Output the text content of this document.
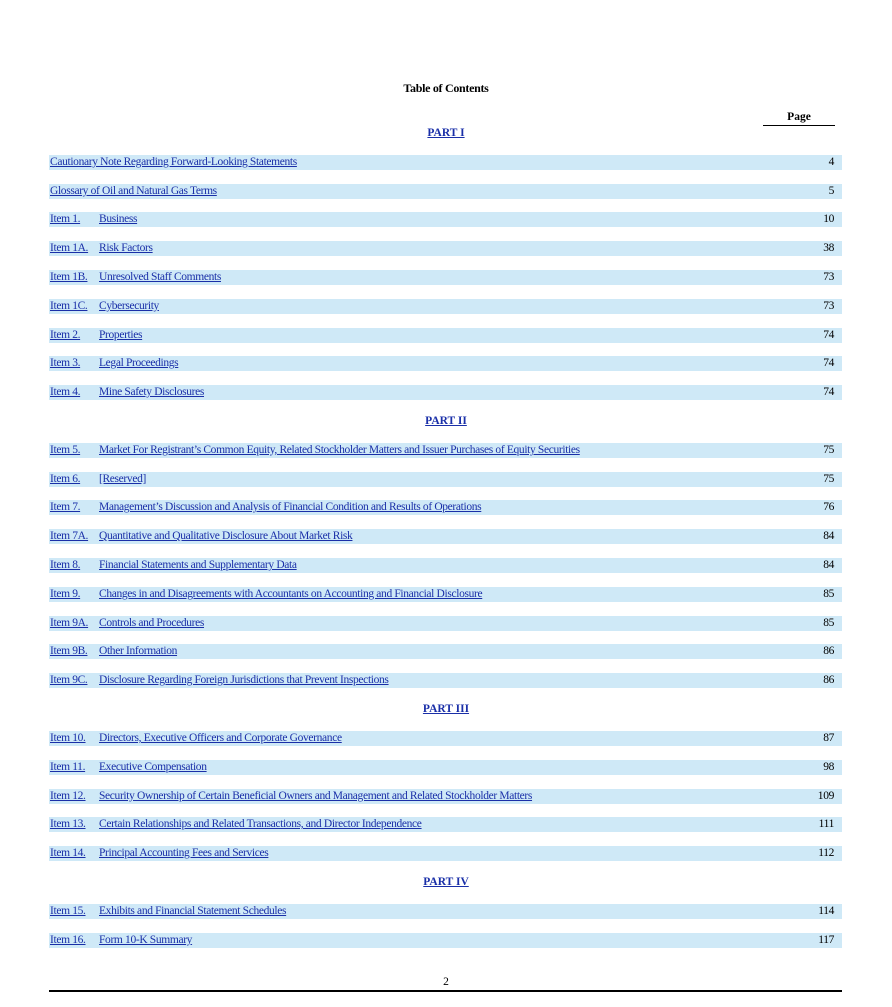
Table of Contents
Page
PART I
PART II
PART III
PART IV
Cautionary Note Regarding Forward-Looking Statements	4
Glossary of Oil and Natural Gas Terms	5
Item 1. Business	10
Item 1A. Risk Factors	38
Item 1B. Unresolved Staff Comments	73
Item 1C. Cybersecurity	73
Item 2. Properties	74
Item 3. Legal Proceedings	74
Item 4. Mine Safety Disclosures	74
Item 5. Market For Registrant’s Common Equity, Related Stockholder Matters and Issuer Purchases of Equity Securities	75
Item 6. [Reserved]	75
Item 7. Management’s Discussion and Analysis of Financial Condition and Results of Operations	76
Item 7A. Quantitative and Qualitative Disclosure About Market Risk	84
Item 8. Financial Statements and Supplementary Data	84
Item 9. Changes in and Disagreements with Accountants on Accounting and Financial Disclosure	85
Item 9A. Controls and Procedures	85
Item 9B. Other Information	86
Item 9C. Disclosure Regarding Foreign Jurisdictions that Prevent Inspections	86
Item 10. Directors, Executive Officers and Corporate Governance	87
Item 11. Executive Compensation	98
Item 12. Security Ownership of Certain Beneficial Owners and Management and Related Stockholder Matters	109
Item 13. Certain Relationships and Related Transactions, and Director Independence	111
Item 14. Principal Accounting Fees and Services	112
Item 15. Exhibits and Financial Statement Schedules	114
Item 16. Form 10-K Summary	117
2
